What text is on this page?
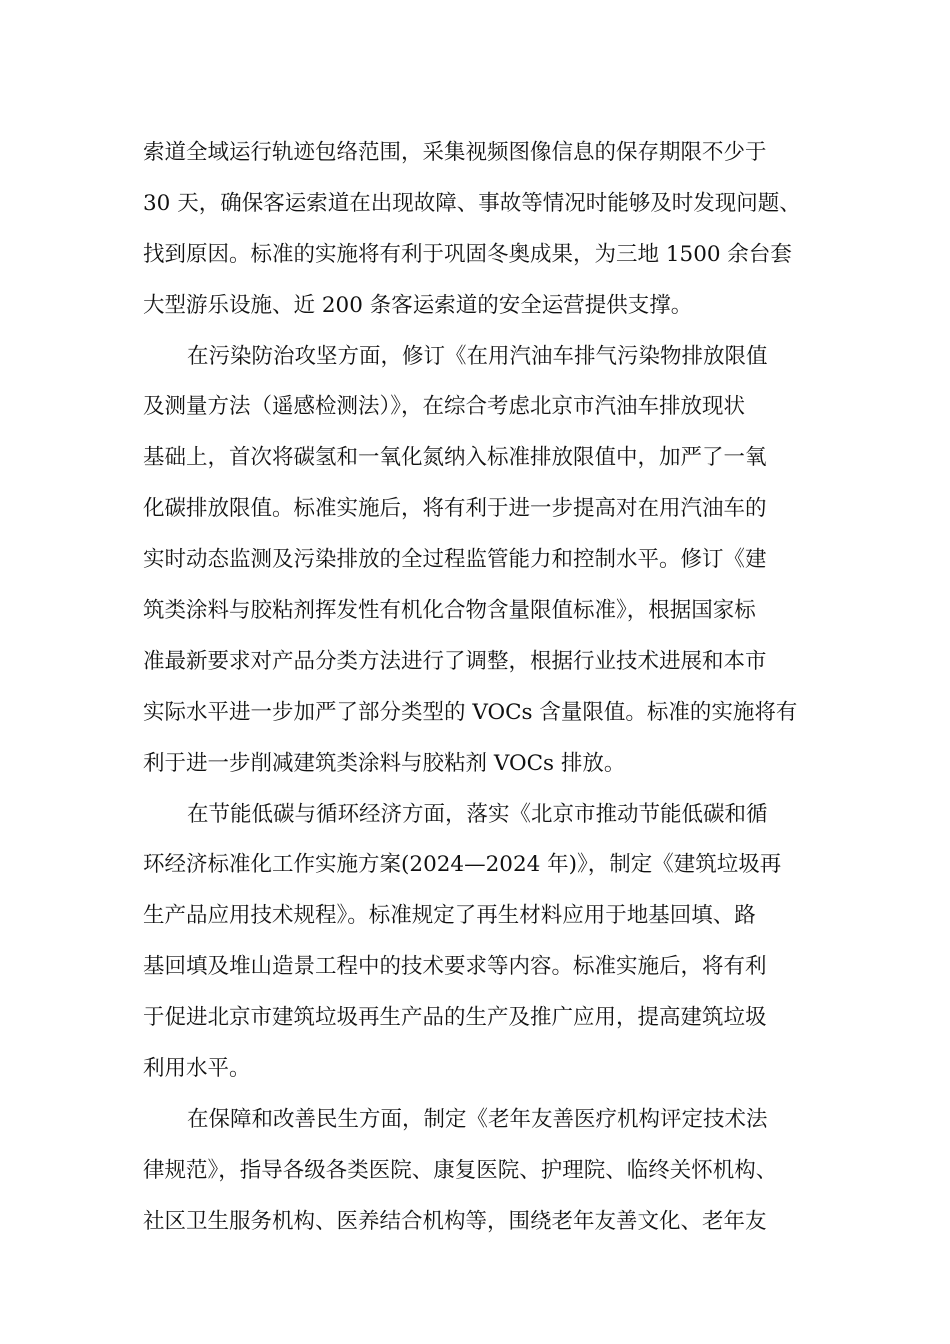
索道全域运行轨迹包络范围，采集视频图像信息的保存期限不少于
30 天，确保客运索道在出现故障、事故等情况时能够及时发现问题、
找到原因。标准的实施将有利于巩固冬奥成果，为三地 1500 余台套
大型游乐设施、近 200 条客运索道的安全运营提供支撑。
在污染防治攻坚方面，修订《在用汽油车排气污染物排放限值
及测量方法（遥感检测法）》，在综合考虑北京市汽油车排放现状
基础上，首次将碳氢和一氧化氮纳入标准排放限值中，加严了一氧
化碳排放限值。标准实施后，将有利于进一步提高对在用汽油车的
实时动态监测及污染排放的全过程监管能力和控制水平。修订《建
筑类涂料与胶粘剂挥发性有机化合物含量限值标准》，根据国家标
准最新要求对产品分类方法进行了调整，根据行业技术进展和本市
实际水平进一步加严了部分类型的 VOCs 含量限值。标准的实施将有
利于进一步削减建筑类涂料与胶粘剂 VOCs 排放。
在节能低碳与循环经济方面，落实《北京市推动节能低碳和循
环经济标准化工作实施方案(2024—2024 年)》，制定《建筑垃圾再
生产品应用技术规程》。标准规定了再生材料应用于地基回填、路
基回填及堆山造景工程中的技术要求等内容。标准实施后，将有利
于促进北京市建筑垃圾再生产品的生产及推广应用，提高建筑垃圾
利用水平。
在保障和改善民生方面，制定《老年友善医疗机构评定技术法
律规范》，指导各级各类医院、康复医院、护理院、临终关怀机构、
社区卫生服务机构、医养结合机构等，围绕老年友善文化、老年友
